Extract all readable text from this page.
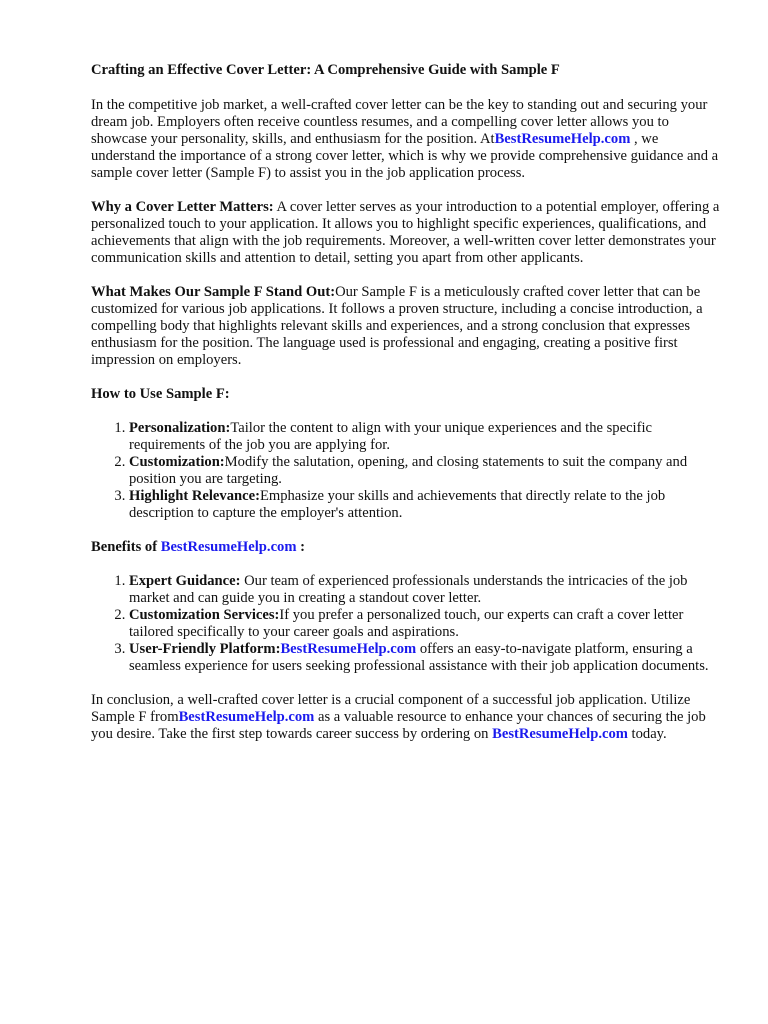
Crafting an Effective Cover Letter: A Comprehensive Guide with Sample F

In the competitive job market, a well-crafted cover letter can be the key to standing out and securing your dream job. Employers often receive countless resumes, and a compelling cover letter allows you to showcase your personality, skills, and enthusiasm for the position. AtBestResumeHelp.com , we understand the importance of a strong cover letter, which is why we provide comprehensive guidance and a sample cover letter (Sample F) to assist you in the job application process.

Why a Cover Letter Matters: A cover letter serves as your introduction to a potential employer, offering a personalized touch to your application. It allows you to highlight specific experiences, qualifications, and achievements that align with the job requirements. Moreover, a well-written cover letter demonstrates your communication skills and attention to detail, setting you apart from other applicants.

What Makes Our Sample F Stand Out:Our Sample F is a meticulously crafted cover letter that can be customized for various job applications. It follows a proven structure, including a concise introduction, a compelling body that highlights relevant skills and experiences, and a strong conclusion that expresses enthusiasm for the position. The language used is professional and engaging, creating a positive first impression on employers.

How to Use Sample F:
1. Personalization:Tailor the content to align with your unique experiences and the specific requirements of the job you are applying for.
2. Customization:Modify the salutation, opening, and closing statements to suit the company and position you are targeting.
3. Highlight Relevance:Emphasize your skills and achievements that directly relate to the job description to capture the employer's attention.
Benefits of BestResumeHelp.com :
1. Expert Guidance: Our team of experienced professionals understands the intricacies of the job market and can guide you in creating a standout cover letter.
2. Customization Services:If you prefer a personalized touch, our experts can craft a cover letter tailored specifically to your career goals and aspirations.
3. User-Friendly Platform:BestResumeHelp.com offers an easy-to-navigate platform, ensuring a seamless experience for users seeking professional assistance with their job application documents.

In conclusion, a well-crafted cover letter is a crucial component of a successful job application. Utilize Sample F fromBestResumeHelp.com as a valuable resource to enhance your chances of securing the job you desire. Take the first step towards career success by ordering on BestResumeHelp.com today.
